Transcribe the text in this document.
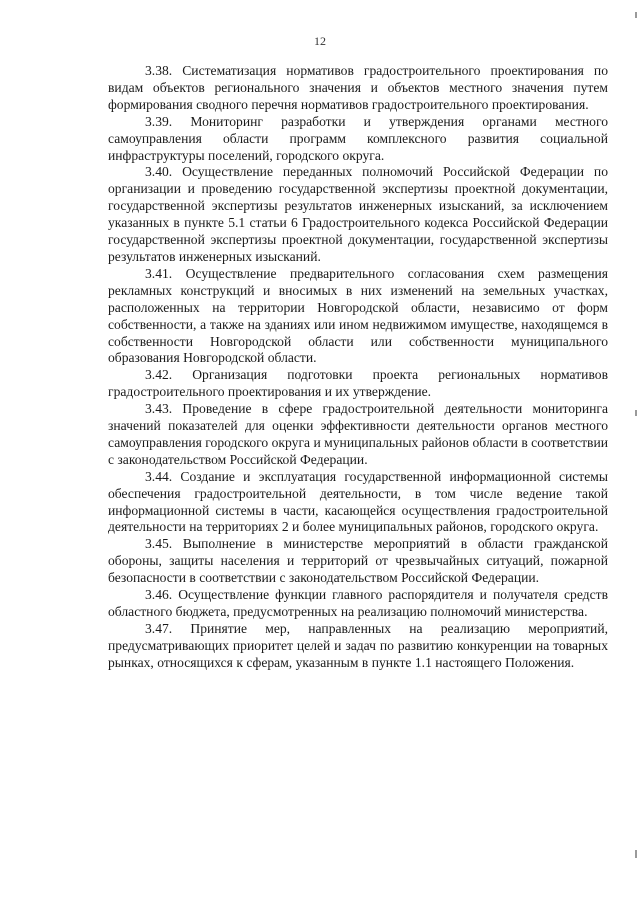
12

3.38. Систематизация нормативов градостроительного проектирования по видам объектов регионального значения и объектов местного значения путем формирования сводного перечня нормативов градостроительного проектирования.

3.39. Мониторинг разработки и утверждения органами местного самоуправления области программ комплексного развития социальной инфраструктуры поселений, городского округа.

3.40. Осуществление переданных полномочий Российской Федерации по организации и проведению государственной экспертизы проектной документации, государственной экспертизы результатов инженерных изысканий, за исключением указанных в пункте 5.1 статьи 6 Градостроительного кодекса Российской Федерации государственной экспертизы проектной документации, государственной экспертизы результатов инженерных изысканий.

3.41. Осуществление предварительного согласования схем размещения рекламных конструкций и вносимых в них изменений на земельных участках, расположенных на территории Новгородской области, независимо от форм собственности, а также на зданиях или ином недвижимом имуществе, находящемся в собственности Новгородской области или собственности муниципального образования Новгородской области.

3.42. Организация подготовки проекта региональных нормативов градостроительного проектирования и их утверждение.

3.43. Проведение в сфере градостроительной деятельности мониторинга значений показателей для оценки эффективности деятельности органов местного самоуправления городского округа и муниципальных районов области в соответствии с законодательством Российской Федерации.

3.44. Создание и эксплуатация государственной информационной системы обеспечения градостроительной деятельности, в том числе ведение такой информационной системы в части, касающейся осуществления градостроительной деятельности на территориях 2 и более муниципальных районов, городского округа.

3.45. Выполнение в министерстве мероприятий в области гражданской обороны, защиты населения и территорий от чрезвычайных ситуаций, пожарной безопасности в соответствии с законодательством Российской Федерации.

3.46. Осуществление функции главного распорядителя и получателя средств областного бюджета, предусмотренных на реализацию полномочий министерства.

3.47. Принятие мер, направленных на реализацию мероприятий, предусматривающих приоритет целей и задач по развитию конкуренции на товарных рынках, относящихся к сферам, указанным в пункте 1.1 настоящего Положения.
